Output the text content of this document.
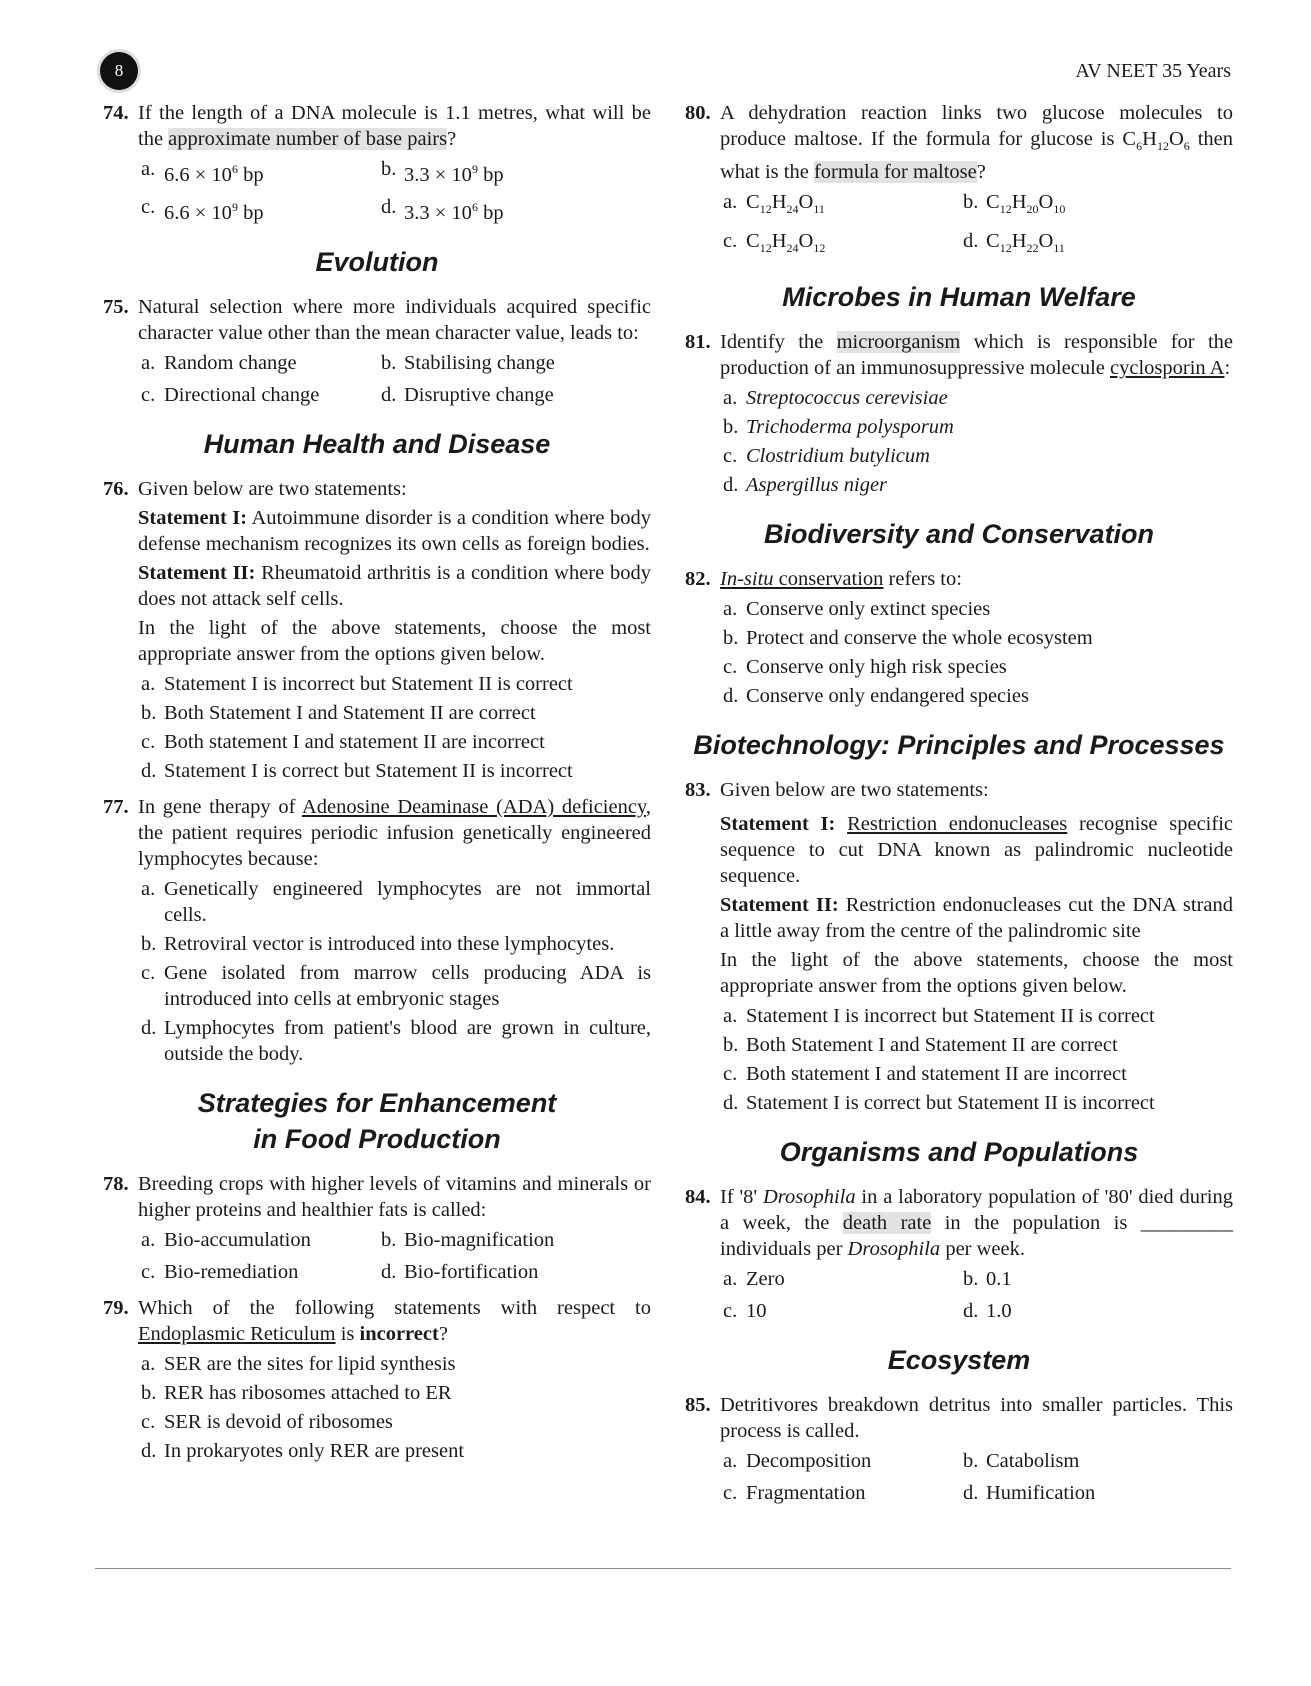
8	AV NEET 35 Years
74. If the length of a DNA molecule is 1.1 metres, what will be the approximate number of base pairs?
a. $6.6 \times 10^6$ bp	b. $3.3 \times 10^9$ bp
c. $6.6 \times 10^9$ bp	d. $3.3 \times 10^6$ bp
Evolution
75. Natural selection where more individuals acquired specific character value other than the mean character value, leads to:
a. Random change	b. Stabilising change
c. Directional change	d. Disruptive change
Human Health and Disease
76. Given below are two statements:
Statement I: Autoimmune disorder is a condition where body defense mechanism recognizes its own cells as foreign bodies.
Statement II: Rheumatoid arthritis is a condition where body does not attack self cells.
In the light of the above statements, choose the most appropriate answer from the options given below.
a. Statement I is incorrect but Statement II is correct
b. Both Statement I and Statement II are correct
c. Both statement I and statement II are incorrect
d. Statement I is correct but Statement II is incorrect
77. In gene therapy of Adenosine Deaminase (ADA) deficiency, the patient requires periodic infusion genetically engineered lymphocytes because:
a. Genetically engineered lymphocytes are not immortal cells.
b. Retroviral vector is introduced into these lymphocytes.
c. Gene isolated from marrow cells producing ADA is introduced into cells at embryonic stages
d. Lymphocytes from patient's blood are grown in culture, outside the body.
Strategies for Enhancement
in Food Production
78. Breeding crops with higher levels of vitamins and minerals or higher proteins and healthier fats is called:
a. Bio-accumulation	b. Bio-magnification
c. Bio-remediation	d. Bio-fortification
79. Which of the following statements with respect to Endoplasmic Reticulum is incorrect?
a. SER are the sites for lipid synthesis
b. RER has ribosomes attached to ER
c. SER is devoid of ribosomes
d. In prokaryotes only RER are present
80. A dehydration reaction links two glucose molecules to produce maltose. If the formula for glucose is $C_6H_{12}O_6$ then what is the formula for maltose?
a. $C_{12}H_{24}O_{11}$	b. $C_{12}H_{20}O_{10}$
c. $C_{12}H_{24}O_{12}$	d. $C_{12}H_{22}O_{11}$
Microbes in Human Welfare
81. Identify the microorganism which is responsible for the production of an immunosuppressive molecule cyclosporin A:
a. Streptococcus cerevisiae
b. Trichoderma polysporum
c. Clostridium butylicum
d. Aspergillus niger
Biodiversity and Conservation
82. In-situ conservation refers to:
a. Conserve only extinct species
b. Protect and conserve the whole ecosystem
c. Conserve only high risk species
d. Conserve only endangered species
Biotechnology: Principles and Processes
83. Given below are two statements:
Statement I: Restriction endonucleases recognise specific sequence to cut DNA known as palindromic nucleotide sequence.
Statement II: Restriction endonucleases cut the DNA strand a little away from the centre of the palindromic site
In the light of the above statements, choose the most appropriate answer from the options given below.
a. Statement I is incorrect but Statement II is correct
b. Both Statement I and Statement II are correct
c. Both statement I and statement II are incorrect
d. Statement I is correct but Statement II is incorrect
Organisms and Populations
84. If '8' Drosophila in a laboratory population of '80' died during a week, the death rate in the population is _________ individuals per Drosophila per week.
a. Zero	b. 0.1
c. 10	d. 1.0
Ecosystem
85. Detritivores breakdown detritus into smaller particles. This process is called.
a. Decomposition	b. Catabolism
c. Fragmentation	d. Humification
